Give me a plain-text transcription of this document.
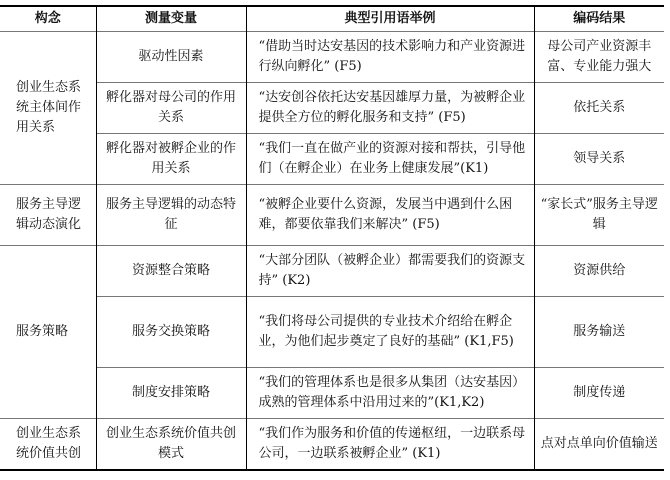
构念	测量变量	典型引用语举例	编码结果
创业生态系统主体间作用关系	驱动性因素	“借助当时达安基因的技术影响力和产业资源进行纵向孵化” (F5)	母公司产业资源丰富、专业能力强大
	孵化器对母公司的作用关系	“达安创谷依托达安基因雄厚力量，为被孵企业提供全方位的孵化服务和支持” (F5)	依托关系
	孵化器对被孵企业的作用关系	“我们一直在做产业的资源对接和帮扶，引导他们（在孵企业）在业务上健康发展”(K1)	领导关系
服务主导逻辑动态演化	服务主导逻辑的动态特征	“被孵企业要什么资源，发展当中遇到什么困难，都要依靠我们来解决” (F5)	“家长式”服务主导逻辑
服务策略	资源整合策略	“大部分团队（被孵企业）都需要我们的资源支持” (K2)	资源供给
	服务交换策略	“我们将母公司提供的专业技术介绍给在孵企业，为他们起步奠定了良好的基础” (K1,F5)	服务输送
	制度安排策略	“我们的管理体系也是很多从集团（达安基因）成熟的管理体系中沿用过来的”(K1,K2)	制度传递
创业生态系统价值共创	创业生态系统价值共创模式	“我们作为服务和价值的传递枢纽，一边联系母公司，一边联系被孵企业” (K1)	点对点单向价值输送
